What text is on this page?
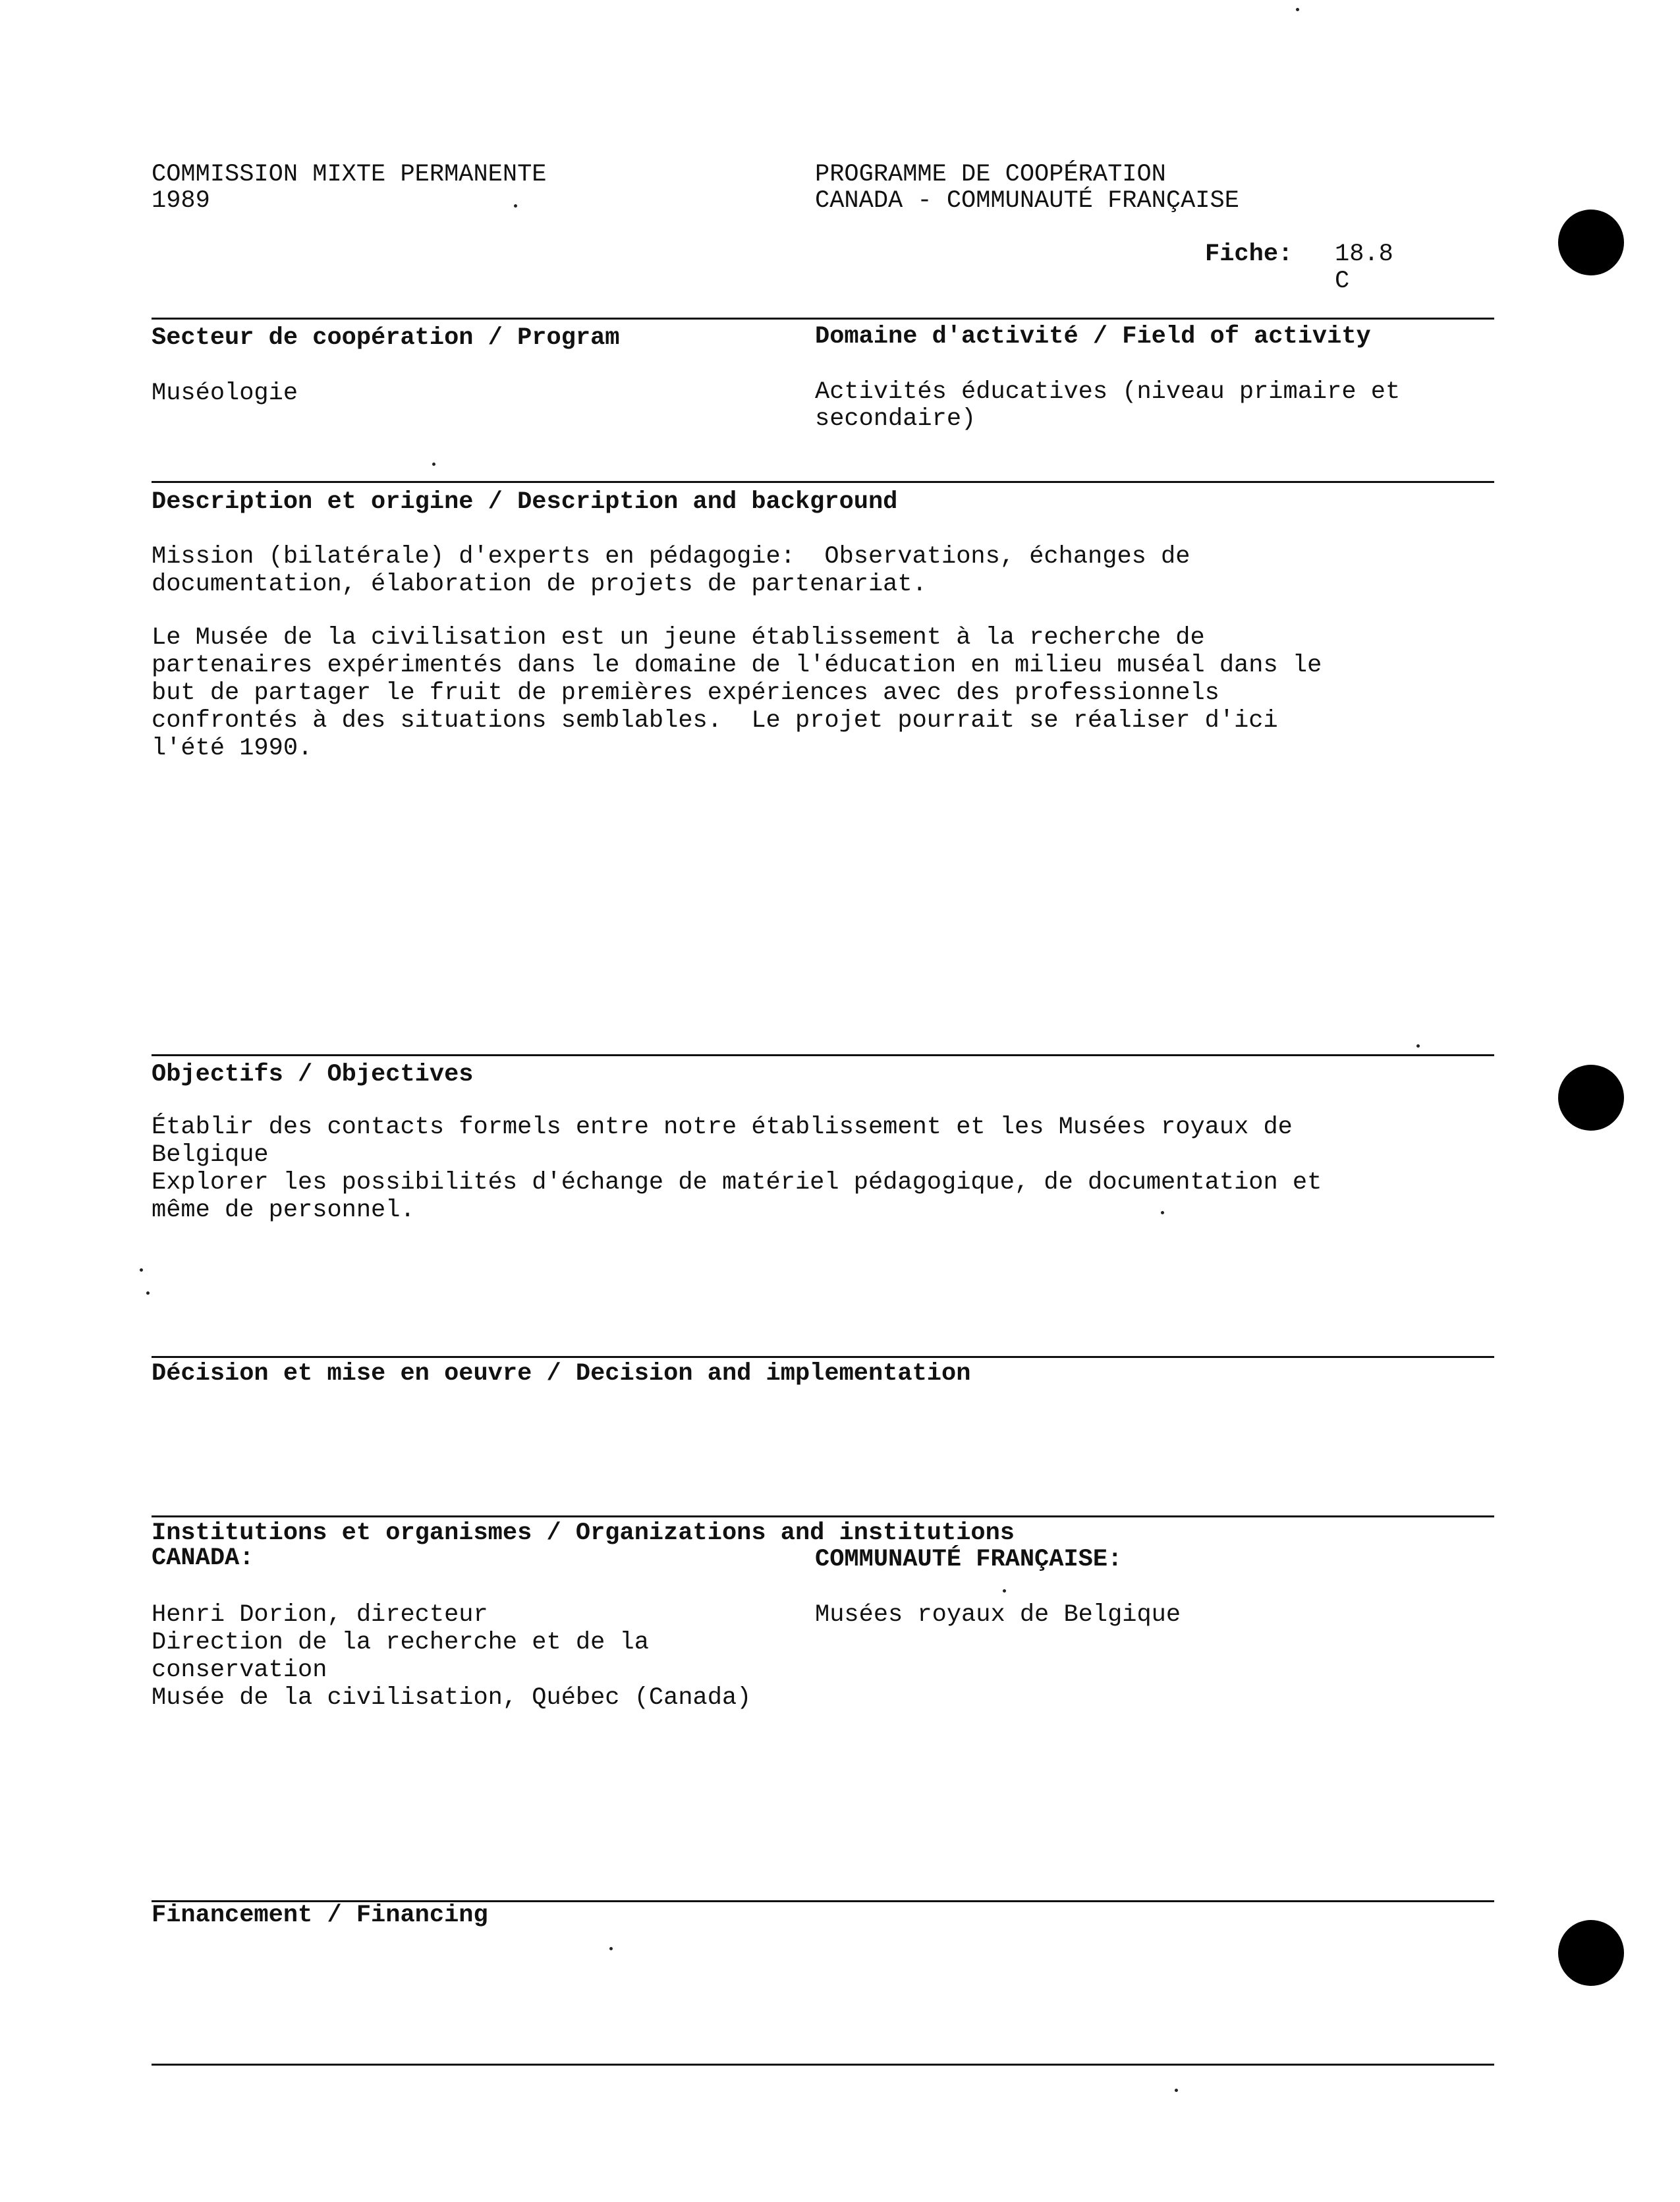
COMMISSION MIXTE PERMANENTE
1989
PROGRAMME DE COOPÉRATION
CANADA - COMMUNAUTÉ FRANÇAISE
Fiche: 18.8
C
Secteur de coopération / Program
Muséologie
Domaine d'activité / Field of activity
Activités éducatives (niveau primaire et
secondaire)
Description et origine / Description and background
Mission (bilatérale) d'experts en pédagogie:  Observations, échanges de
documentation, élaboration de projets de partenariat.
Le Musée de la civilisation est un jeune établissement à la recherche de
partenaires expérimentés dans le domaine de l'éducation en milieu muséal dans le
but de partager le fruit de premières expériences avec des professionnels
confrontés à des situations semblables.  Le projet pourrait se réaliser d'ici
l'été 1990.
Objectifs / Objectives
Établir des contacts formels entre notre établissement et les Musées royaux de
Belgique
Explorer les possibilités d'échange de matériel pédagogique, de documentation et
même de personnel.
Décision et mise en oeuvre / Decision and implementation
Institutions et organismes / Organizations and institutions
CANADA:	COMMUNAUTÉ FRANÇAISE:
Henri Dorion, directeur
Direction de la recherche et de la
conservation
Musée de la civilisation, Québec (Canada)
Musées royaux de Belgique
Financement / Financing
